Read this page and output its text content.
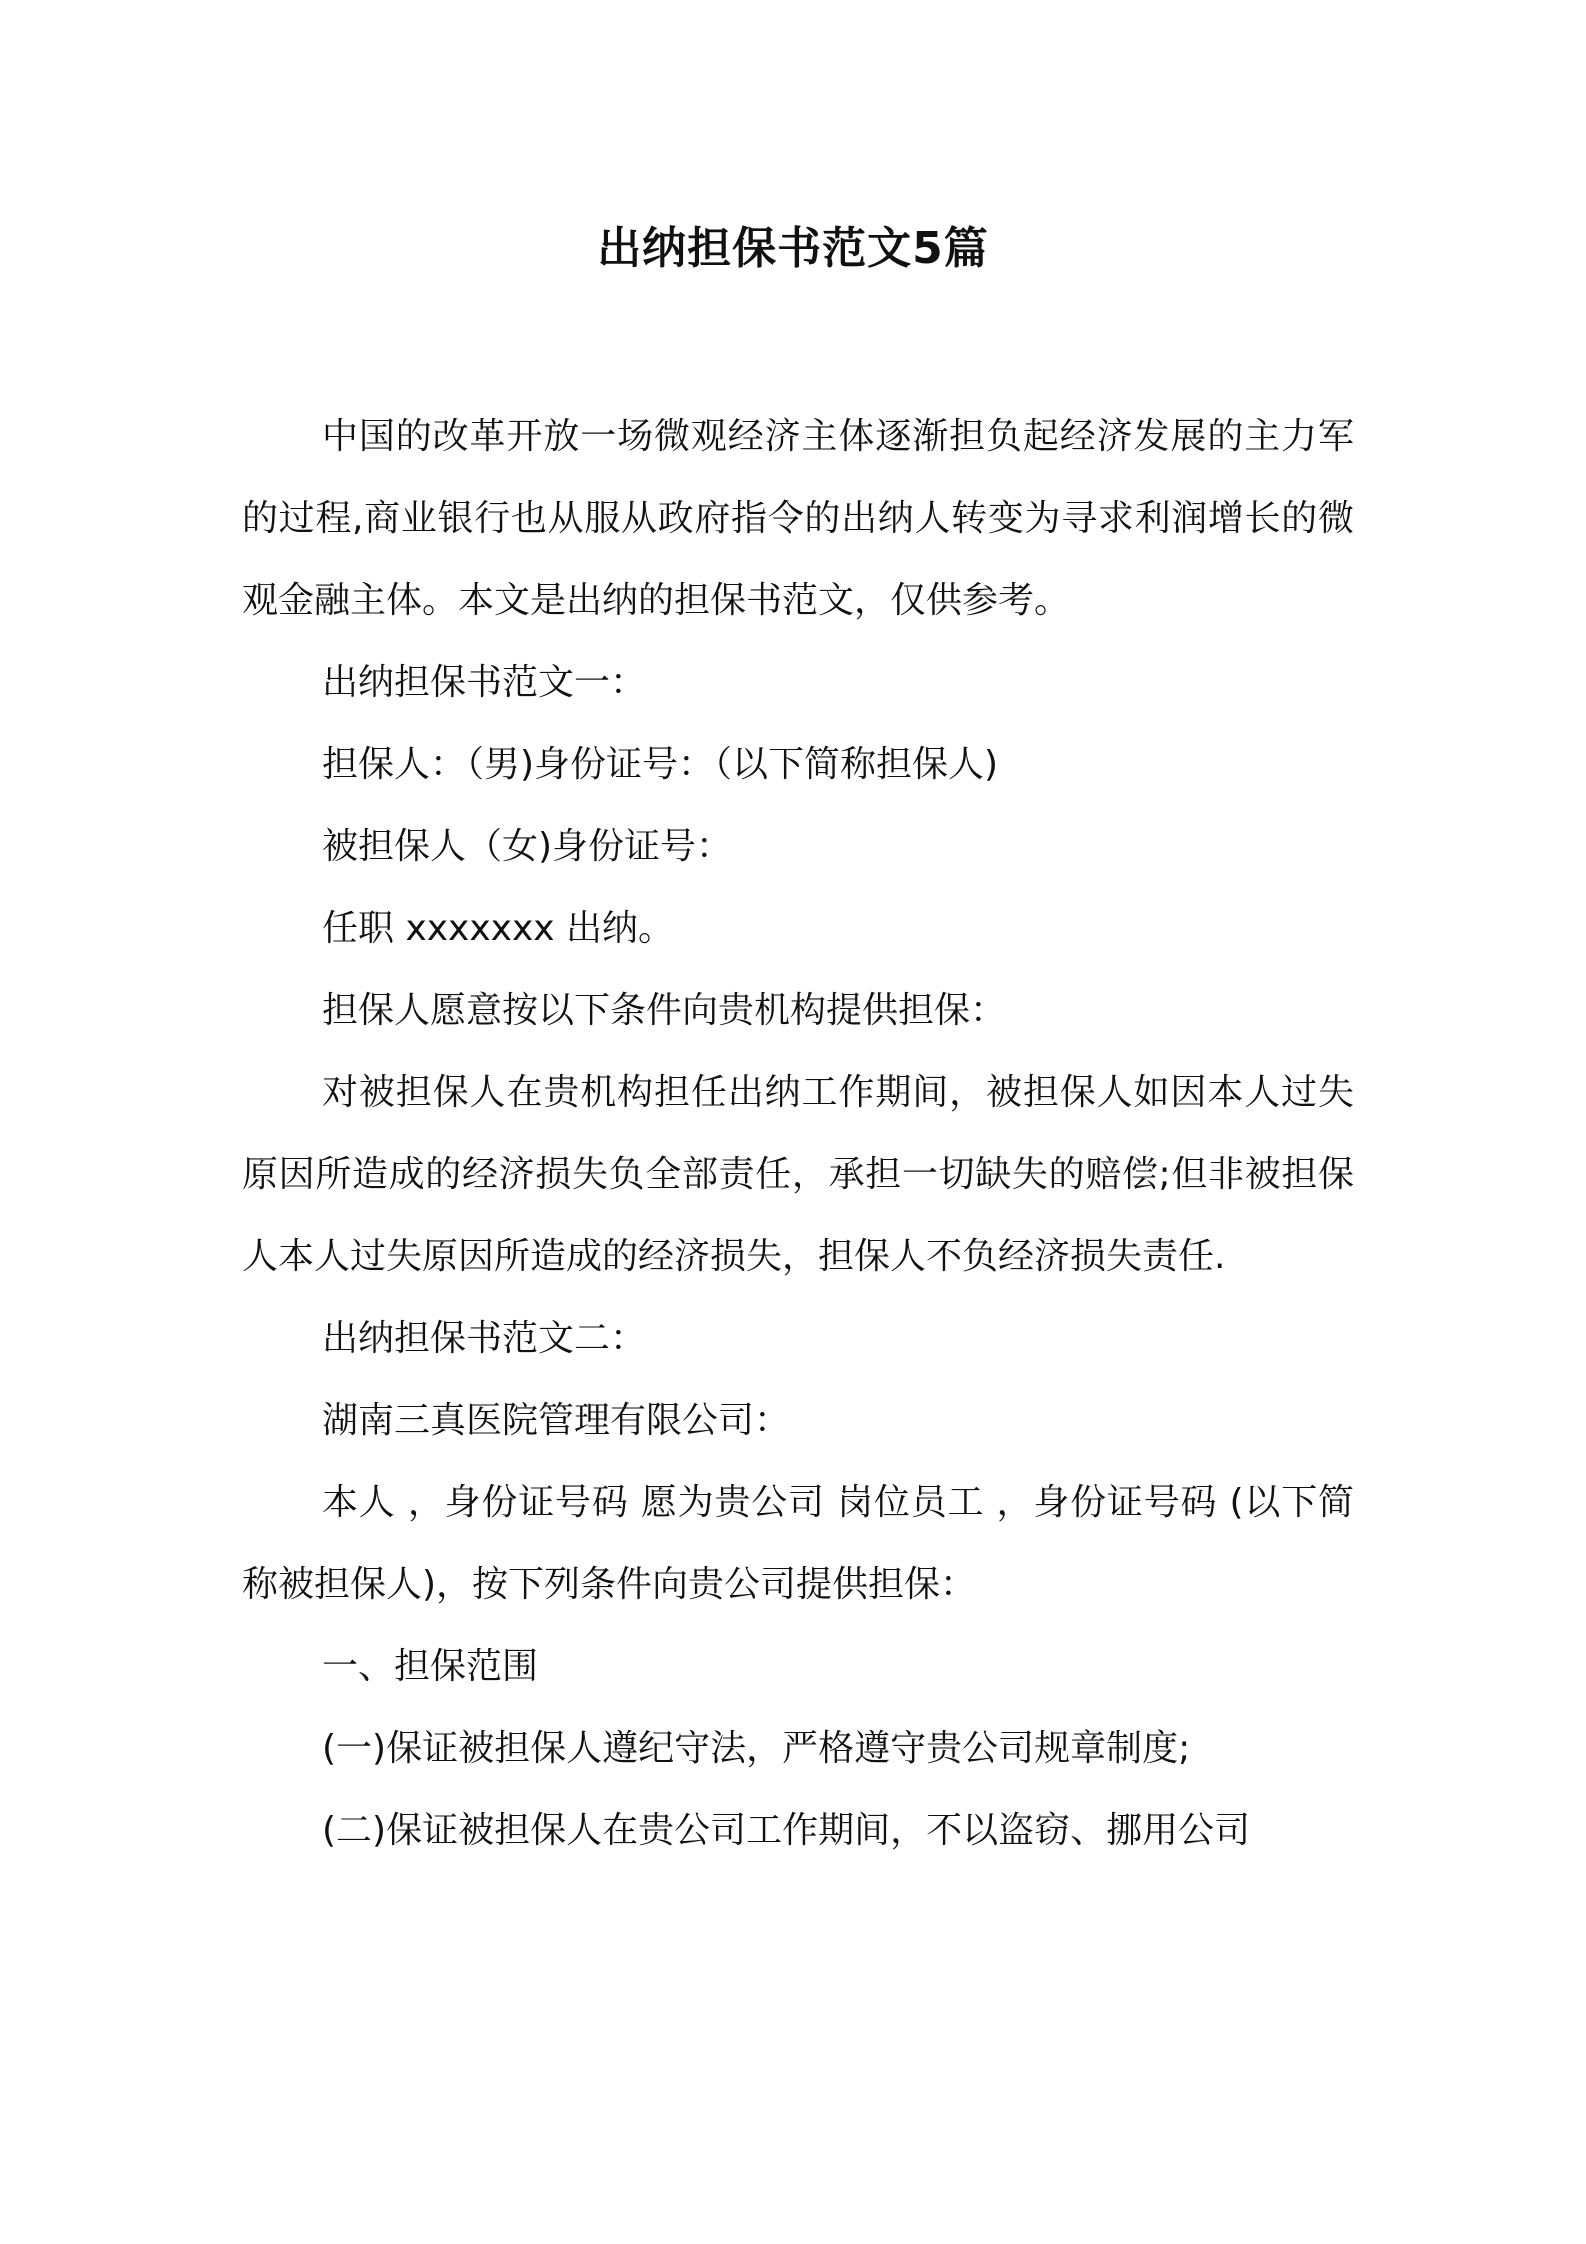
出纳担保书范文5篇

中国的改革开放一场微观经济主体逐渐担负起经济发展的主力军的过程,商业银行也从服从政府指令的出纳人转变为寻求利润增长的微观金融主体。本文是出纳的担保书范文，仅供参考。

出纳担保书范文一：

担保人：（男)身份证号：（以下简称担保人)

被担保人（女)身份证号：

任职 xxxxxxx 出纳。

担保人愿意按以下条件向贵机构提供担保：

对被担保人在贵机构担任出纳工作期间，被担保人如因本人过失原因所造成的经济损失负全部责任，承担一切缺失的赔偿;但非被担保人本人过失原因所造成的经济损失，担保人不负经济损失责任.

出纳担保书范文二：

湖南三真医院管理有限公司：

本人 ，身份证号码 愿为贵公司 岗位员工 ，身份证号码 (以下简称被担保人)，按下列条件向贵公司提供担保：

一、担保范围

(一)保证被担保人遵纪守法，严格遵守贵公司规章制度;

(二)保证被担保人在贵公司工作期间，不以盗窃、挪用公司
